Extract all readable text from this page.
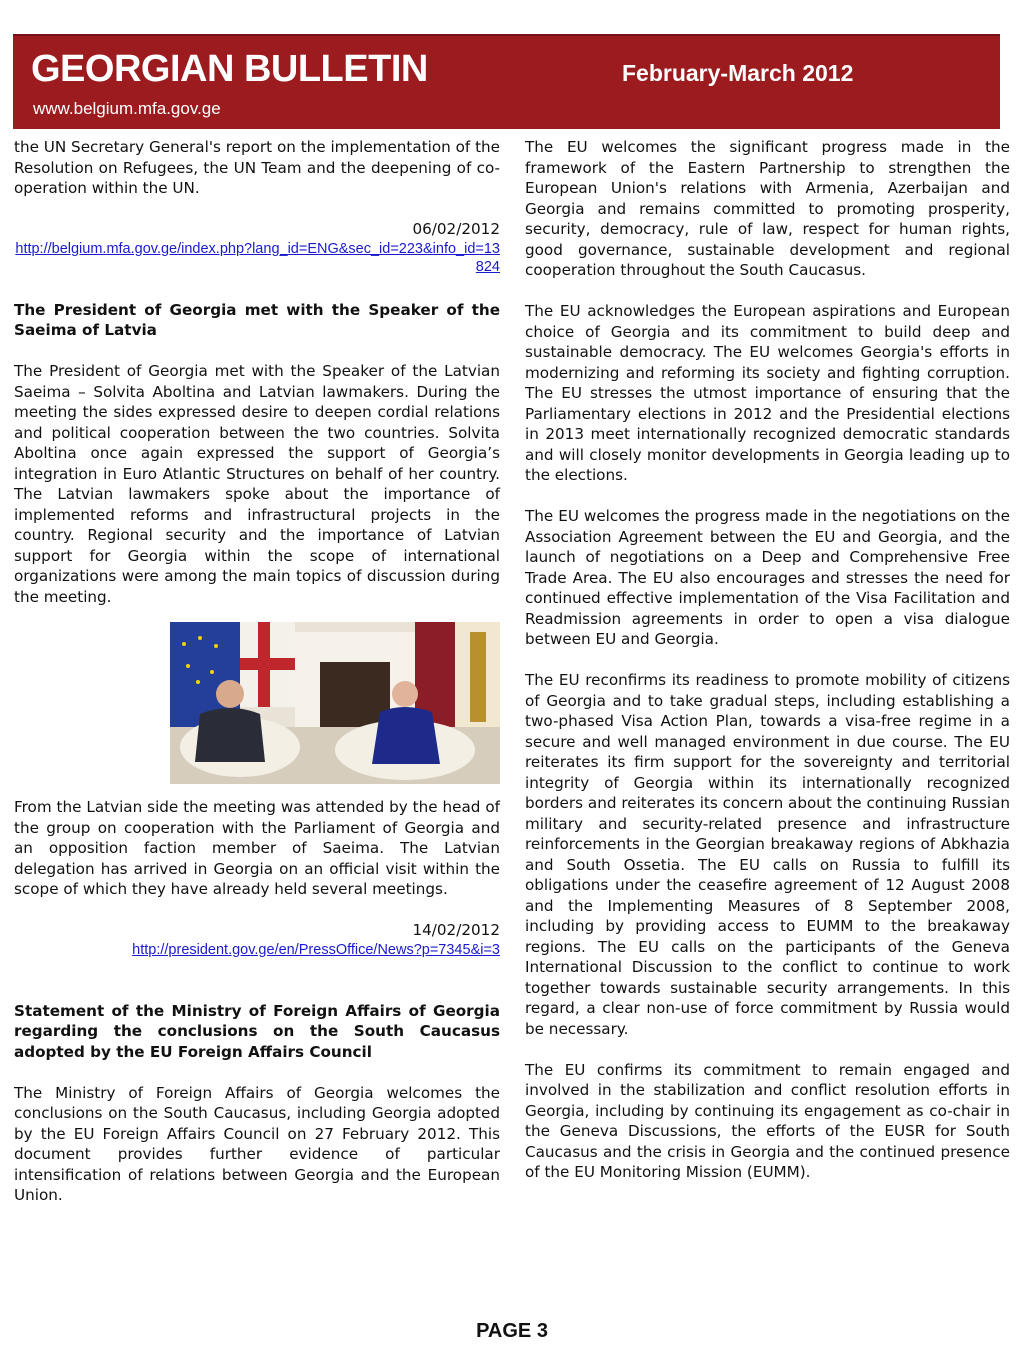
GEORGIAN BULLETIN	February-March 2012
www.belgium.mfa.gov.ge

the UN Secretary General's report on the implementation of the Resolution on Refugees, the UN Team and the deepening of co-operation within the UN.

06/02/2012

http://belgium.mfa.gov.ge/index.php?lang_id=ENG&sec_id=223&info_id=13824

The President of Georgia met with the Speaker of the Saeima of Latvia

The President of Georgia met with the Speaker of the Latvian Saeima – Solvita Aboltina and Latvian lawmakers. During the meeting the sides expressed desire to deepen cordial relations and political cooperation between the two countries. Solvita Aboltina once again expressed the support of Georgia’s integration in Euro Atlantic Structures on behalf of her country. The Latvian lawmakers spoke about the importance of implemented reforms and infrastructural projects in the country. Regional security and the importance of Latvian support for Georgia within the scope of international organizations were among the main topics of discussion during the meeting.

From the Latvian side the meeting was attended by the head of the group on cooperation with the Parliament of Georgia and an opposition faction member of Saeima. The Latvian delegation has arrived in Georgia on an official visit within the scope of which they have already held several meetings.

14/02/2012

http://president.gov.ge/en/PressOffice/News?p=7345&i=3

Statement of the Ministry of Foreign Affairs of Georgia regarding the conclusions on the South Caucasus adopted by the EU Foreign Affairs Council

The Ministry of Foreign Affairs of Georgia welcomes the conclusions on the South Caucasus, including Georgia adopted by the EU Foreign Affairs Council on 27 February 2012. This document provides further evidence of particular intensification of relations between Georgia and the European Union.

The EU welcomes the significant progress made in the framework of the Eastern Partnership to strengthen the European Union's relations with Armenia, Azerbaijan and Georgia and remains committed to promoting prosperity, security, democracy, rule of law, respect for human rights, good governance, sustainable development and regional cooperation throughout the South Caucasus.

The EU acknowledges the European aspirations and European choice of Georgia and its commitment to build deep and sustainable democracy. The EU welcomes Georgia's efforts in modernizing and reforming its society and fighting corruption. The EU stresses the utmost importance of ensuring that the Parliamentary elections in 2012 and the Presidential elections in 2013 meet internationally recognized democratic standards and will closely monitor developments in Georgia leading up to the elections.

The EU welcomes the progress made in the negotiations on the Association Agreement between the EU and Georgia, and the launch of negotiations on a Deep and Comprehensive Free Trade Area. The EU also encourages and stresses the need for continued effective implementation of the Visa Facilitation and Readmission agreements in order to open a visa dialogue between EU and Georgia.

The EU reconfirms its readiness to promote mobility of citizens of Georgia and to take gradual steps, including establishing a two-phased Visa Action Plan, towards a visa-free regime in a secure and well managed environment in due course. The EU reiterates its firm support for the sovereignty and territorial integrity of Georgia within its internationally recognized borders and reiterates its concern about the continuing Russian military and security-related presence and infrastructure reinforcements in the Georgian breakaway regions of Abkhazia and South Ossetia. The EU calls on Russia to fulfill its obligations under the ceasefire agreement of 12 August 2008 and the Implementing Measures of 8 September 2008, including by providing access to EUMM to the breakaway regions. The EU calls on the participants of the Geneva International Discussion to the conflict to continue to work together towards sustainable security arrangements. In this regard, a clear non-use of force commitment by Russia would be necessary.

The EU confirms its commitment to remain engaged and involved in the stabilization and conflict resolution efforts in Georgia, including by continuing its engagement as co-chair in the Geneva Discussions, the efforts of the EUSR for South Caucasus and the crisis in Georgia and the continued presence of the EU Monitoring Mission (EUMM).

PAGE 3
